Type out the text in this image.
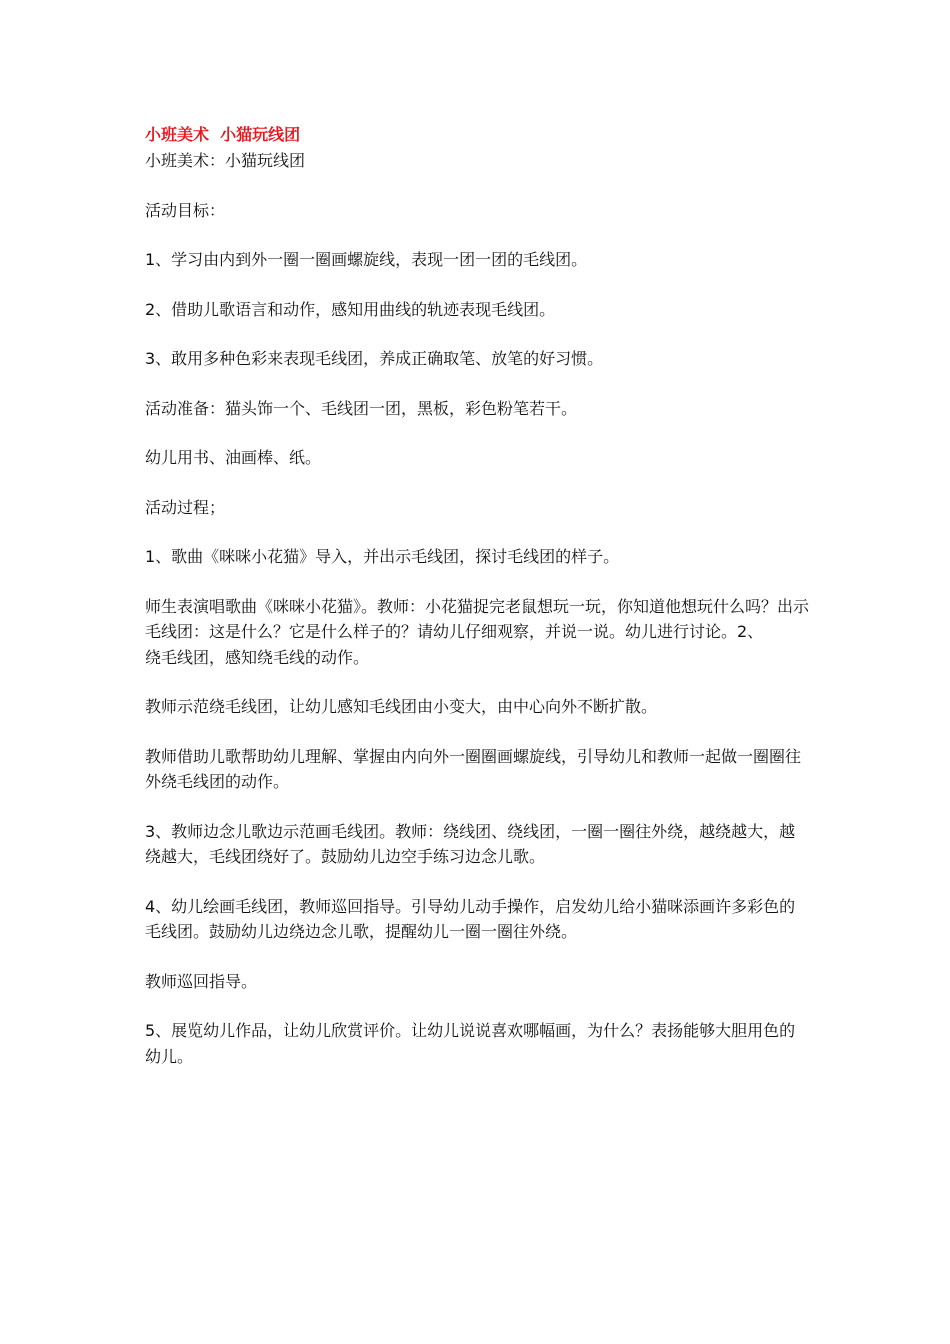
小班美术  小猫玩线团

小班美术：小猫玩线团

活动目标：

1、学习由内到外一圈一圈画螺旋线，表现一团一团的毛线团。

2、借助儿歌语言和动作，感知用曲线的轨迹表现毛线团。

3、敢用多种色彩来表现毛线团，养成正确取笔、放笔的好习惯。

活动准备：猫头饰一个、毛线团一团，黑板，彩色粉笔若干。

幼儿用书、油画棒、纸。

活动过程；

1、歌曲《咪咪小花猫》导入，并出示毛线团，探讨毛线团的样子。

师生表演唱歌曲《咪咪小花猫》。教师：小花猫捉完老鼠想玩一玩，你知道他想玩什么吗？出示毛线团：这是什么？它是什么样子的？请幼儿仔细观察，并说一说。幼儿进行讨论。2、绕毛线团，感知绕毛线的动作。

教师示范绕毛线团，让幼儿感知毛线团由小变大，由中心向外不断扩散。

教师借助儿歌帮助幼儿理解、掌握由内向外一圈圈画螺旋线，引导幼儿和教师一起做一圈圈往外绕毛线团的动作。

3、教师边念儿歌边示范画毛线团。教师：绕线团、绕线团，一圈一圈往外绕，越绕越大，越绕越大，毛线团绕好了。鼓励幼儿边空手练习边念儿歌。

4、幼儿绘画毛线团，教师巡回指导。引导幼儿动手操作，启发幼儿给小猫咪添画许多彩色的毛线团。鼓励幼儿边绕边念儿歌，提醒幼儿一圈一圈往外绕。

教师巡回指导。

5、展览幼儿作品，让幼儿欣赏评价。让幼儿说说喜欢哪幅画，为什么？表扬能够大胆用色的幼儿。
